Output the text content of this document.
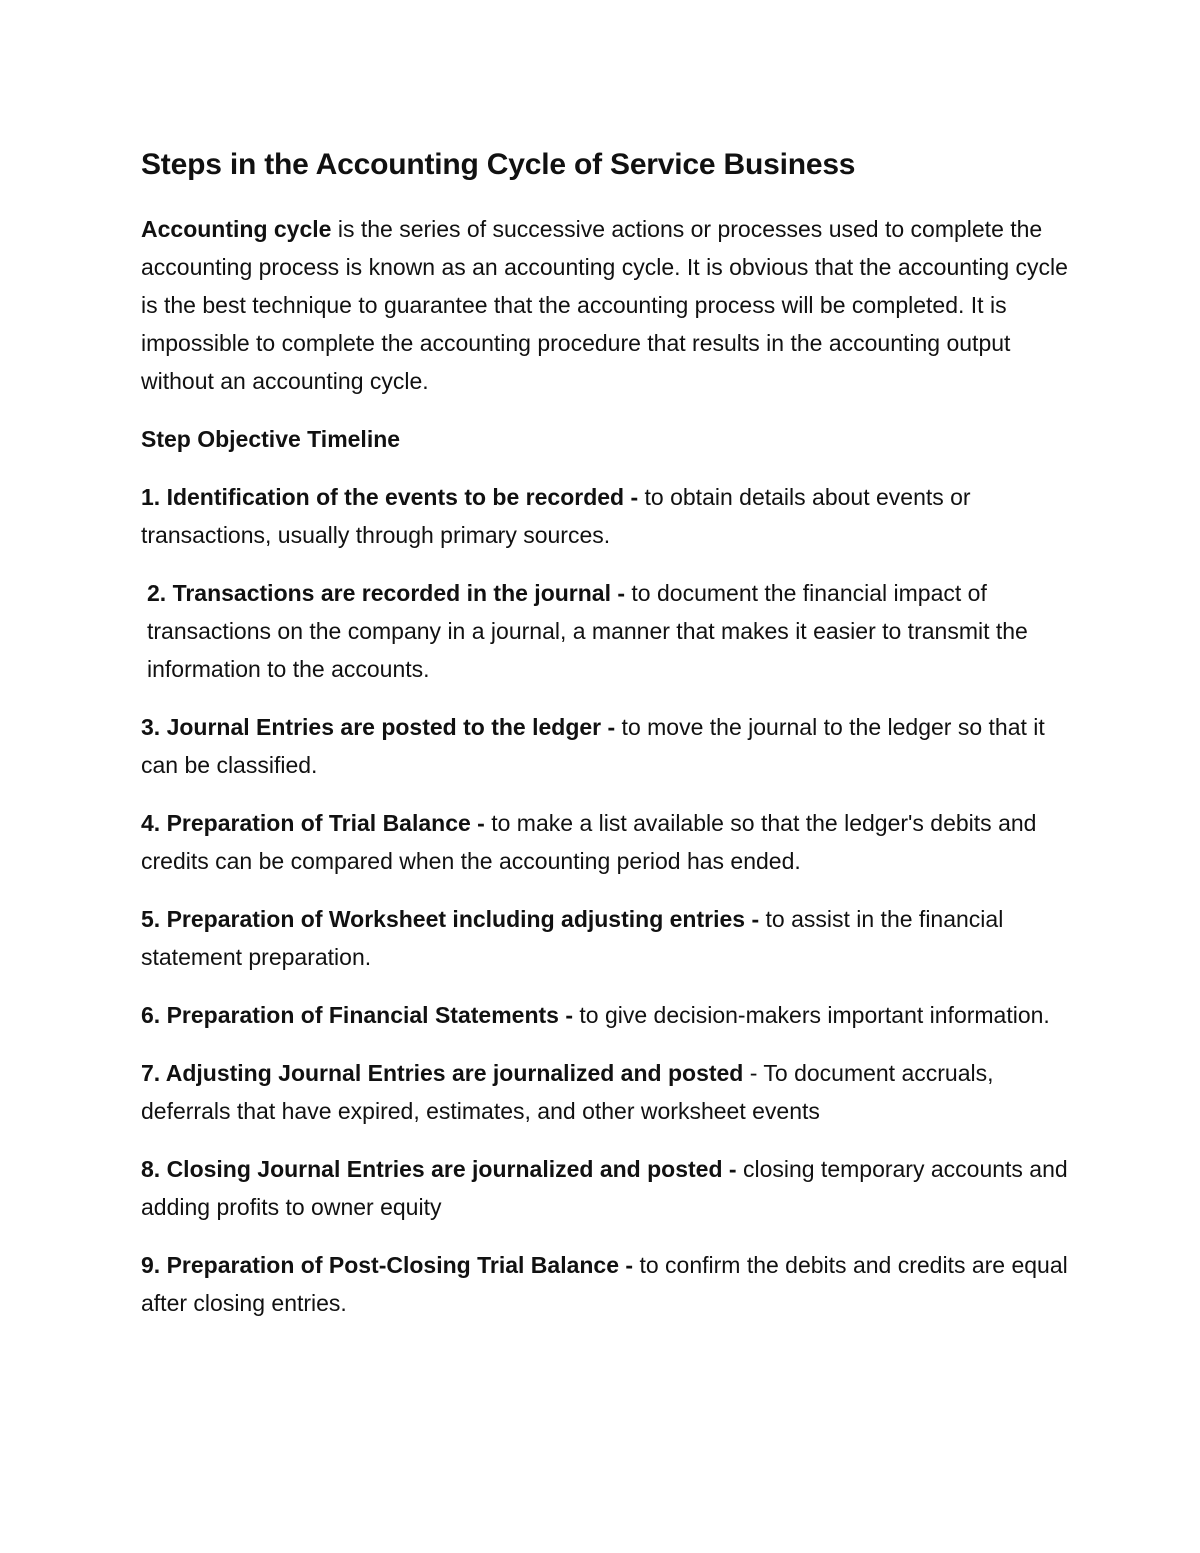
Steps in the Accounting Cycle of Service Business

Accounting cycle is the series of successive actions or processes used to complete the accounting process is known as an accounting cycle. It is obvious that the accounting cycle is the best technique to guarantee that the accounting process will be completed. It is impossible to complete the accounting procedure that results in the accounting output without an accounting cycle.

Step Objective Timeline

1. Identification of the events to be recorded - to obtain details about events or transactions, usually through primary sources.

2. Transactions are recorded in the journal - to document the financial impact of transactions on the company in a journal, a manner that makes it easier to transmit the information to the accounts.

3. Journal Entries are posted to the ledger - to move the journal to the ledger so that it can be classified.

4. Preparation of Trial Balance - to make a list available so that the ledger's debits and credits can be compared when the accounting period has ended.

5. Preparation of Worksheet including adjusting entries - to assist in the financial statement preparation.

6. Preparation of Financial Statements - to give decision-makers important information.

7. Adjusting Journal Entries are journalized and posted - To document accruals, deferrals that have expired, estimates, and other worksheet events

8. Closing Journal Entries are journalized and posted - closing temporary accounts and adding profits to owner equity

9. Preparation of Post-Closing Trial Balance - to confirm the debits and credits are equal after closing entries.
